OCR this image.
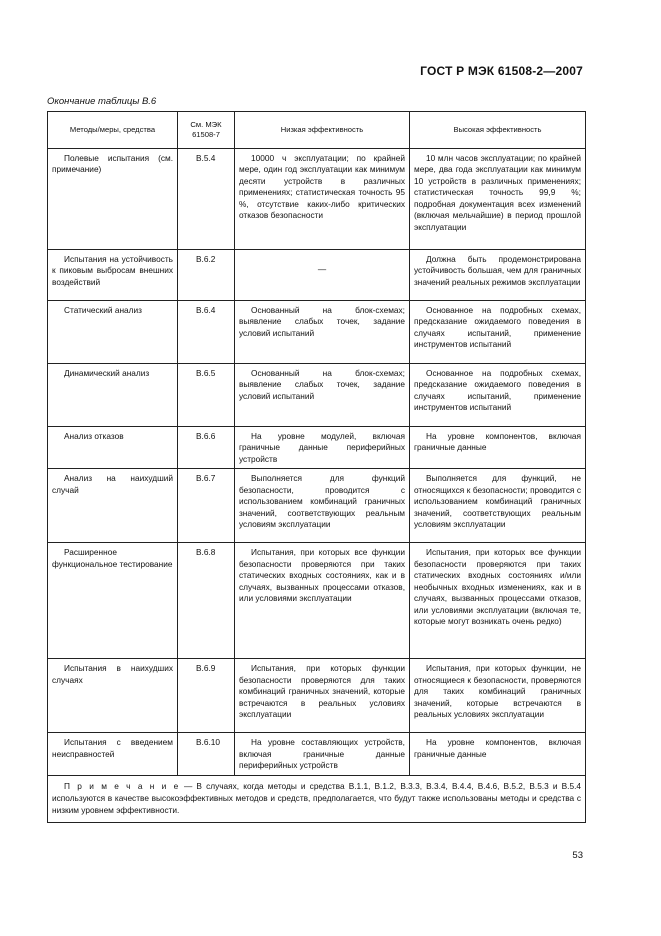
ГОСТ Р МЭК 61508-2—2007
Окончание таблицы В.6
Методы/меры, средства	См. МЭК 61508-7	Низкая эффективность	Высокая эффективность

Полевые испытания (см. примечание)	B.5.4	10000 ч эксплуатации; по крайней мере, один год эксплуатации как минимум десяти устройств в различных применениях; статистическая точность 95 %, отсутствие каких-либо критических отказов безопасности	10 млн часов эксплуатации; по крайней мере, два года эксплуатации как минимум 10 устройств в различных применениях; статистическая точность 99,9 %; подробная документация всех изменений (включая мельчайшие) в период прошлой эксплуатации

Испытания на устойчивость к пиковым выбросам внешних воздействий	В.6.2	—	Должна быть продемонстрирована устойчивость большая, чем для граничных значений реальных режимов эксплуатации

Статический анализ	В.6.4	Основанный на блок-схемах; выявление слабых точек, задание условий испытаний	Основанное на подробных схемах, предсказание ожидаемого поведения в случаях испытаний, применение инструментов испытаний

Динамический анализ	В.6.5	Основанный на блок-схемах; выявление слабых точек, задание условий испытаний	Основанное на подробных схемах, предсказание ожидаемого поведения в случаях испытаний, применение инструментов испытаний

Анализ отказов	В.6.6	На уровне модулей, включая граничные данные периферийных устройств	На уровне компонентов, включая граничные данные

Анализ на наихудший случай	В.6.7	Выполняется для функций безопасности, проводится с использованием комбинаций граничных значений, соответствующих реальным условиям эксплуатации	Выполняется для функций, не относящихся к безопасности; проводится с использованием комбинаций граничных значений, соответствующих реальным условиям эксплуатации

Расширенное функциональное тестирование	В.6.8	Испытания, при которых все функции безопасности проверяются при таких статических входных состояниях, как и в случаях, вызванных процессами отказов, или условиями эксплуатации	Испытания, при которых все функции безопасности проверяются при таких статических входных состояниях и/или необычных входных изменениях, как и в случаях, вызванных процессами отказов, или условиями эксплуатации (включая те, которые могут возникать очень редко)

Испытания в наихудших случаях	В.6.9	Испытания, при которых функции безопасности проверяются для таких комбинаций граничных значений, которые встречаются в реальных условиях эксплуатации	Испытания, при которых функции, не относящиеся к безопасности, проверяются для таких комбинаций граничных значений, которые встречаются в реальных условиях эксплуатации

Испытания с введением неисправностей	В.6.10	На уровне составляющих устройств, включая граничные данные периферийных устройств	На уровне компонентов, включая граничные данные

П р и м е ч а н и е — В случаях, когда методы и средства В.1.1, В.1.2, В.3.3, В.3.4, В.4.4, В.4.6, В.5.2, В.5.3 и В.5.4 используются в качестве высокоэффективных методов и средств, предполагается, что будут также использованы методы и средства с низким уровнем эффективности.			
53
